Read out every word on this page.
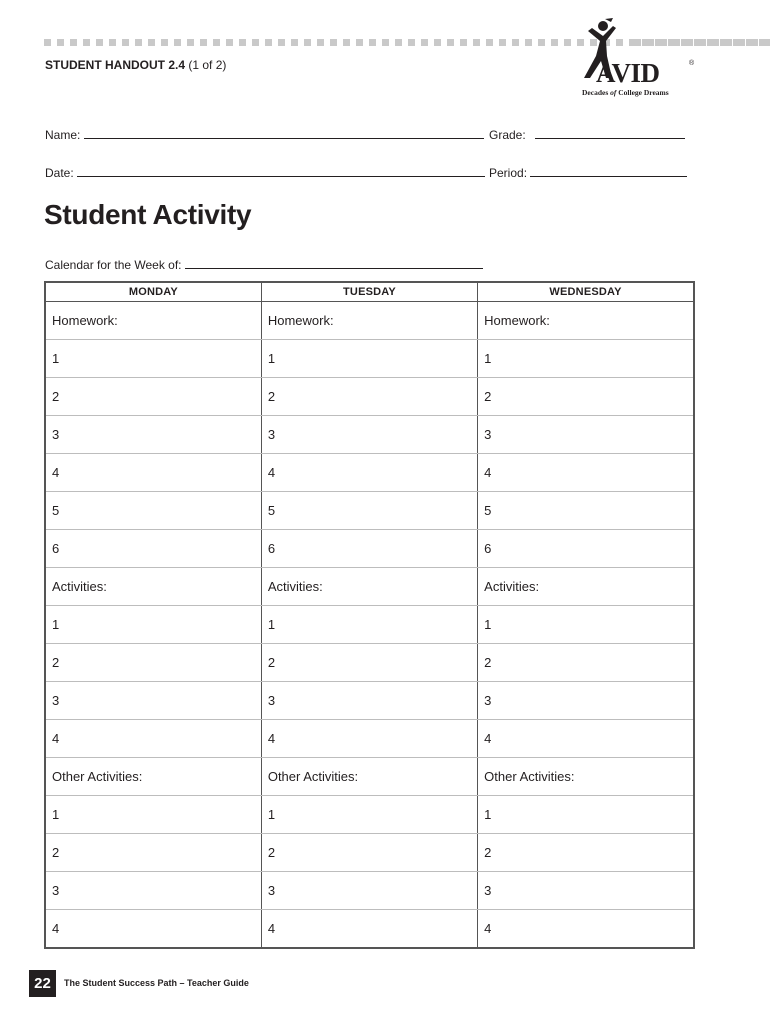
STUDENT HANDOUT 2.4 (1 of 2)	AVID	®
Decades of College Dreams
Name:	Grade:
Date:	Period:
Student Activity
Calendar for the Week of:
MONDAY	TUESDAY	WEDNESDAY
Homework:	Homework:	Homework:
1	1	1
2	2	2
3	3	3
4	4	4
5	5	5
6	6	6
Activities:	Activities:	Activities:
1	1	1
2	2	2
3	3	3
4	4	4
Other Activities:	Other Activities:	Other Activities:
1	1	1
2	2	2
3	3	3
4	4	4
22	The Student Success Path – Teacher Guide
